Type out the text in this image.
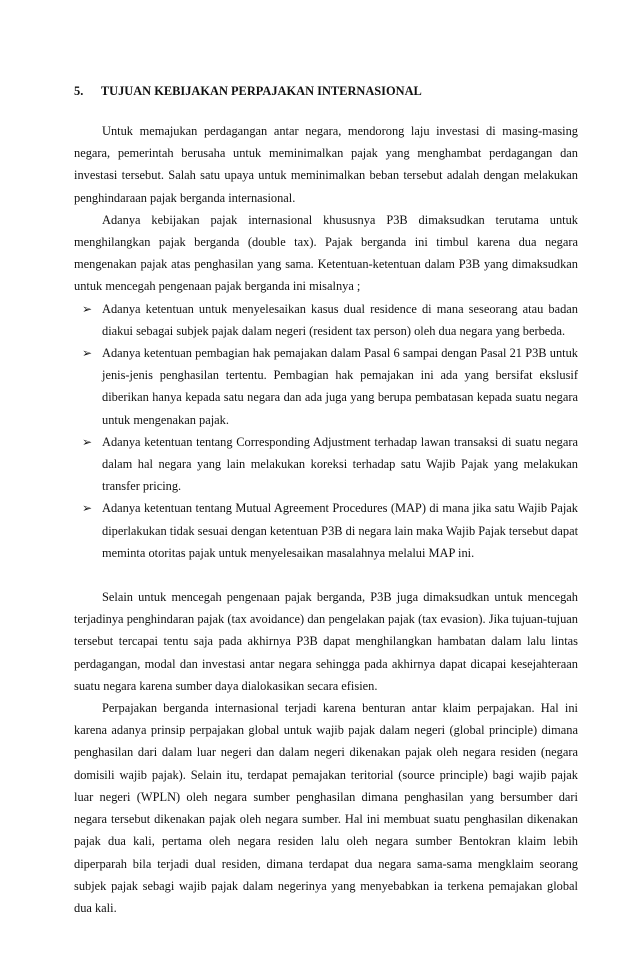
5. TUJUAN KEBIJAKAN PERPAJAKAN INTERNASIONAL

Untuk memajukan perdagangan antar negara, mendorong laju investasi di masing-masing negara, pemerintah berusaha untuk meminimalkan pajak yang menghambat perdagangan dan investasi tersebut. Salah satu upaya untuk meminimalkan beban tersebut adalah dengan melakukan penghindaraan pajak berganda internasional.

Adanya kebijakan pajak internasional khususnya P3B dimaksudkan terutama untuk menghilangkan pajak berganda (double tax). Pajak berganda ini timbul karena dua negara mengenakan pajak atas penghasilan yang sama. Ketentuan-ketentuan dalam P3B yang dimaksudkan untuk mencegah pengenaan pajak berganda ini misalnya ;

➢ Adanya ketentuan untuk menyelesaikan kasus dual residence di mana seseorang atau badan diakui sebagai subjek pajak dalam negeri (resident tax person) oleh dua negara yang berbeda.
➢ Adanya ketentuan pembagian hak pemajakan dalam Pasal 6 sampai dengan Pasal 21 P3B untuk jenis-jenis penghasilan tertentu. Pembagian hak pemajakan ini ada yang bersifat ekslusif diberikan hanya kepada satu negara dan ada juga yang berupa pembatasan kepada suatu negara untuk mengenakan pajak.
➢ Adanya ketentuan tentang Corresponding Adjustment terhadap lawan transaksi di suatu negara dalam hal negara yang lain melakukan koreksi terhadap satu Wajib Pajak yang melakukan transfer pricing.
➢ Adanya ketentuan tentang Mutual Agreement Procedures (MAP) di mana jika satu Wajib Pajak diperlakukan tidak sesuai dengan ketentuan P3B di negara lain maka Wajib Pajak tersebut dapat meminta otoritas pajak untuk menyelesaikan masalahnya melalui MAP ini.

Selain untuk mencegah pengenaan pajak berganda, P3B juga dimaksudkan untuk mencegah terjadinya penghindaran pajak (tax avoidance) dan pengelakan pajak (tax evasion). Jika tujuan-tujuan tersebut tercapai tentu saja pada akhirnya P3B dapat menghilangkan hambatan dalam lalu lintas perdagangan, modal dan investasi antar negara sehingga pada akhirnya dapat dicapai kesejahteraan suatu negara karena sumber daya dialokasikan secara efisien.

Perpajakan berganda internasional terjadi karena benturan antar klaim perpajakan. Hal ini karena adanya prinsip perpajakan global untuk wajib pajak dalam negeri (global principle) dimana penghasilan dari dalam luar negeri dan dalam negeri dikenakan pajak oleh negara residen (negara domisili wajib pajak). Selain itu, terdapat pemajakan teritorial (source principle) bagi wajib pajak luar negeri (WPLN) oleh negara sumber penghasilan dimana penghasilan yang bersumber dari negara tersebut dikenakan pajak oleh negara sumber. Hal ini membuat suatu penghasilan dikenakan pajak dua kali, pertama oleh negara residen lalu oleh negara sumber Bentokran klaim lebih diperparah bila terjadi dual residen, dimana terdapat dua negara sama-sama mengklaim seorang subjek pajak sebagi wajib pajak dalam negerinya yang menyebabkan ia terkena pemajakan global dua kali.
